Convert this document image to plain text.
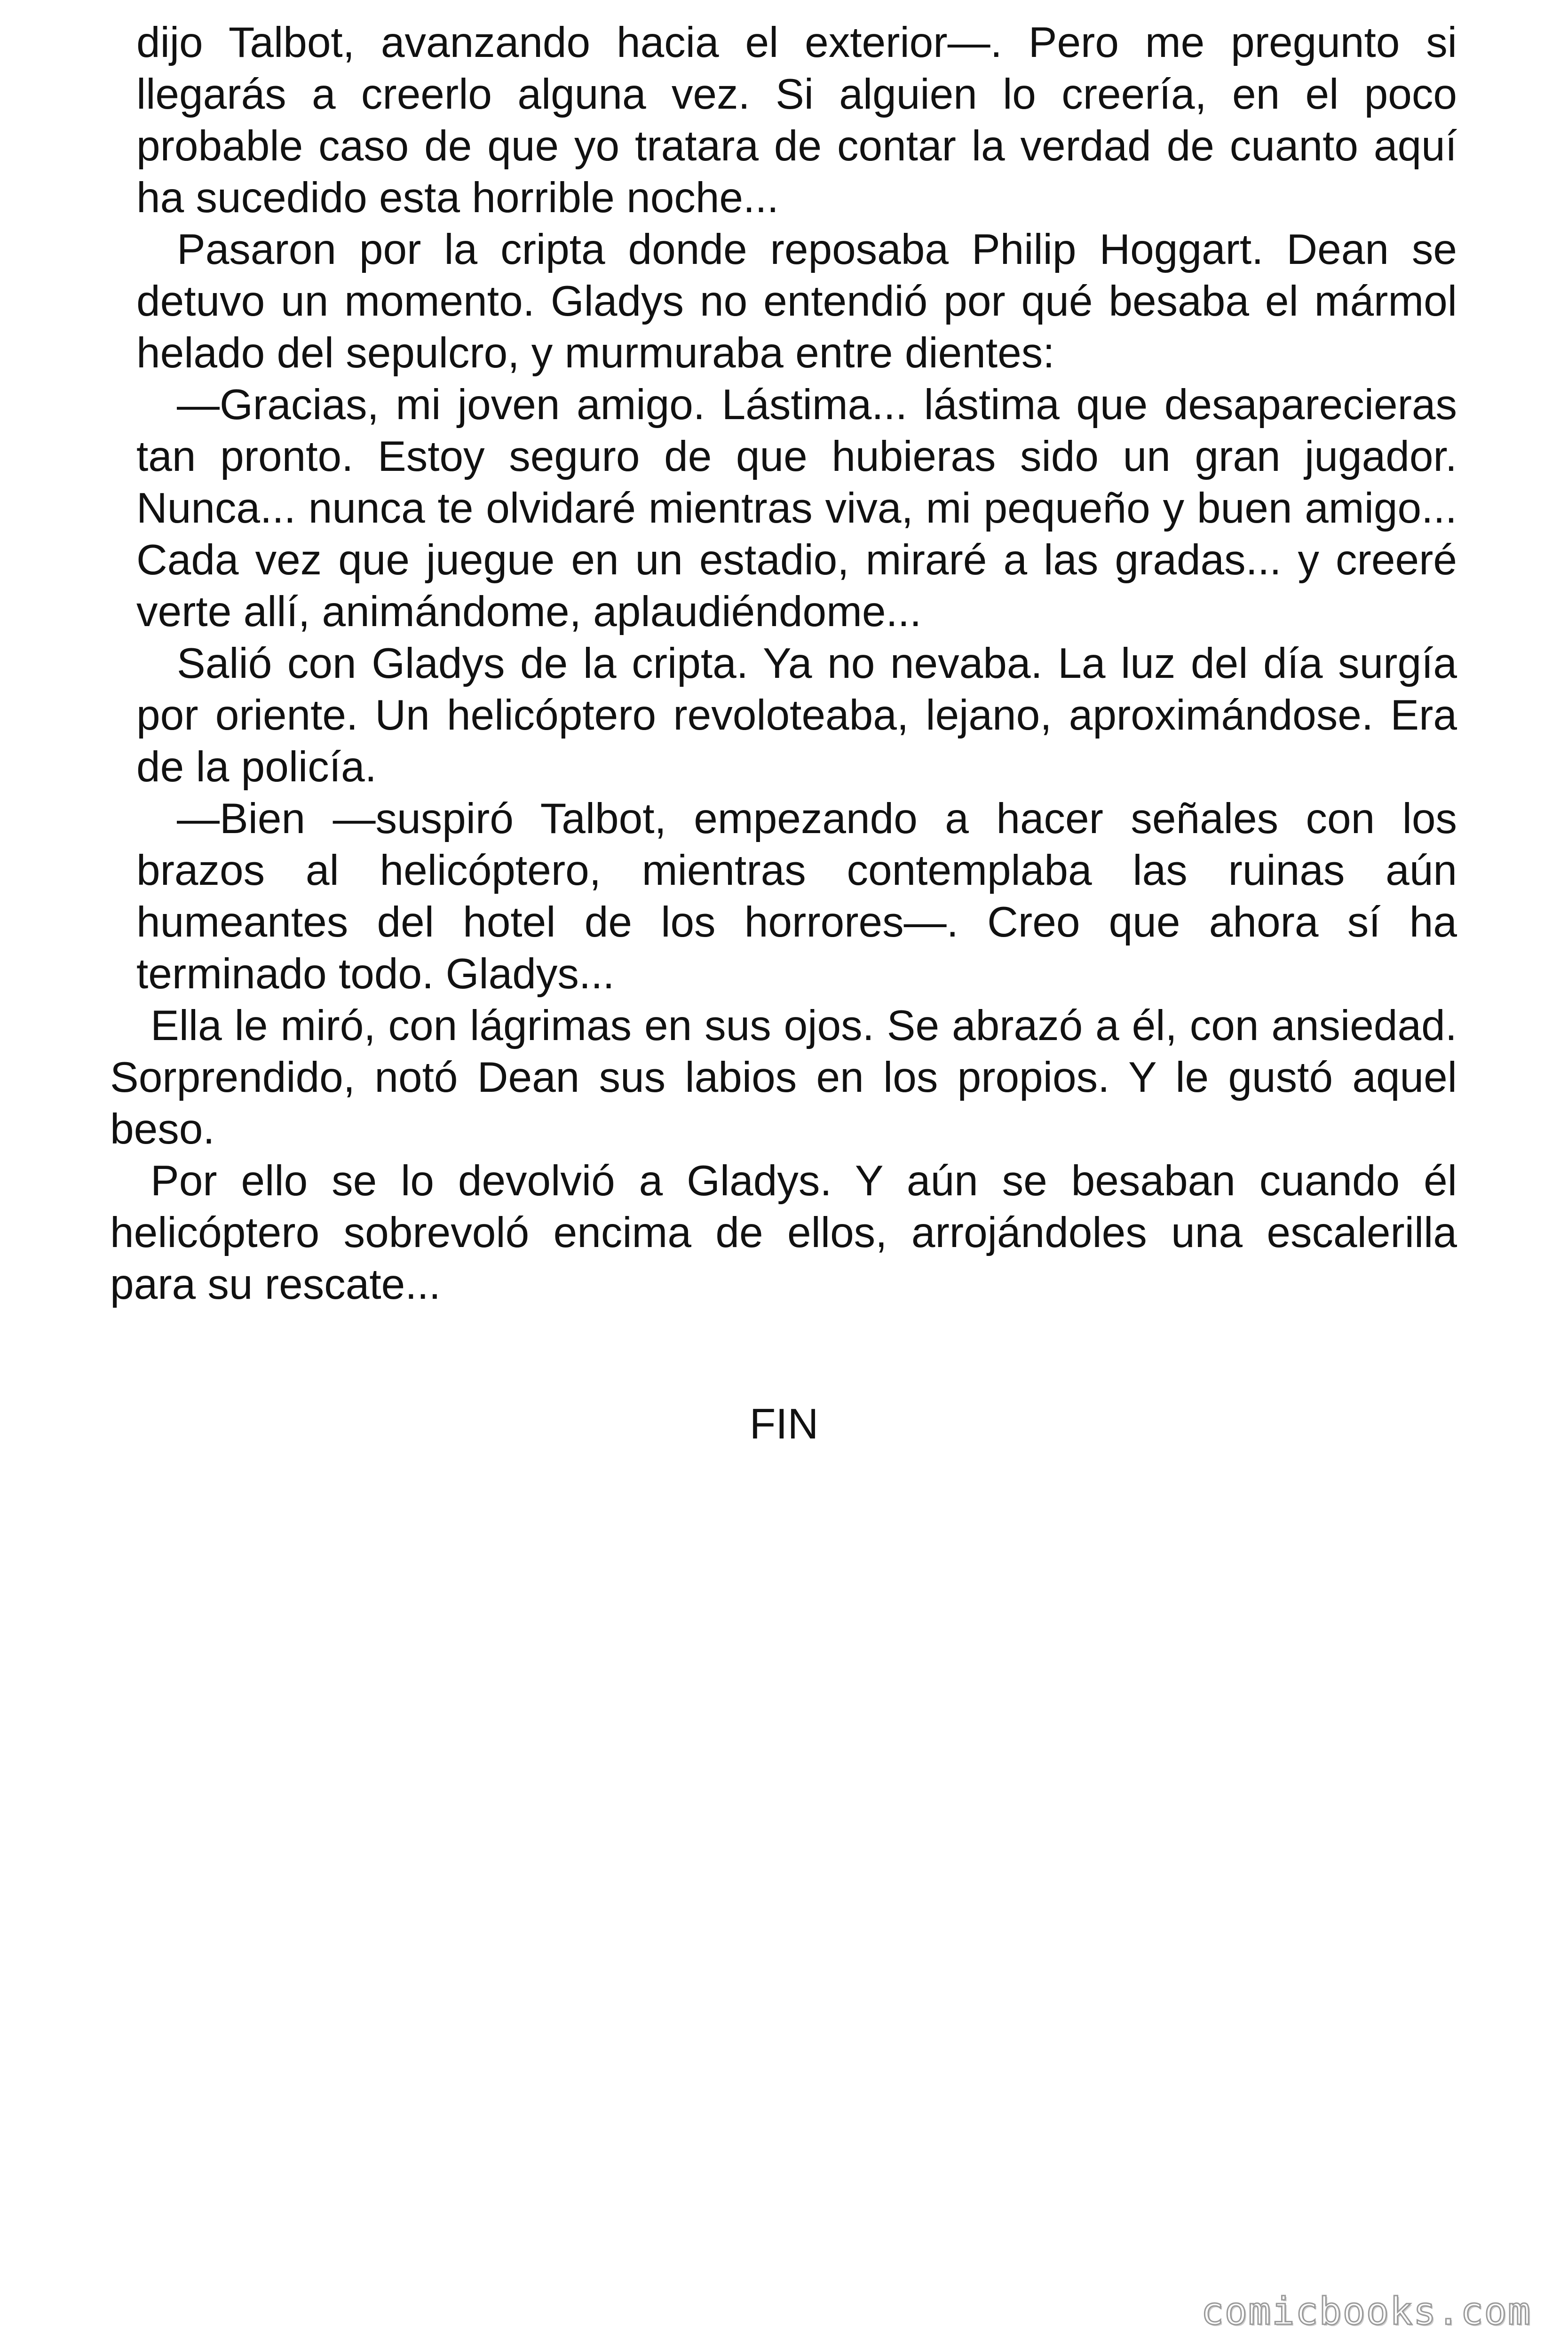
dijo Talbot, avanzando hacia el exterior—. Pero me pregunto si llegarás a creerlo alguna vez. Si alguien lo creería, en el poco probable caso de que yo tratara de contar la verdad de cuanto aquí ha sucedido esta horrible noche...

Pasaron por la cripta donde reposaba Philip Hoggart. Dean se detuvo un momento. Gladys no entendió por qué besaba el mármol helado del sepulcro, y murmuraba entre dientes:

—Gracias, mi joven amigo. Lástima... lástima que desaparecieras tan pronto. Estoy seguro de que hubieras sido un gran jugador. Nunca... nunca te olvidaré mientras viva, mi pequeño y buen amigo... Cada vez que juegue en un estadio, miraré a las gradas... y creeré verte allí, animándome, aplaudiéndome...

Salió con Gladys de la cripta. Ya no nevaba. La luz del día surgía por oriente. Un helicóptero revoloteaba, lejano, aproximándose. Era de la policía.

—Bien —suspiró Talbot, empezando a hacer señales con los brazos al helicóptero, mientras contemplaba las ruinas aún humeantes del hotel de los horrores—. Creo que ahora sí ha terminado todo. Gladys...

Ella le miró, con lágrimas en sus ojos. Se abrazó a él, con ansiedad. Sorprendido, notó Dean sus labios en los propios. Y le gustó aquel beso.

Por ello se lo devolvió a Gladys. Y aún se besaban cuando él helicóptero sobrevoló encima de ellos, arrojándoles una escalerilla para su rescate...

FIN
comicbooks.com
